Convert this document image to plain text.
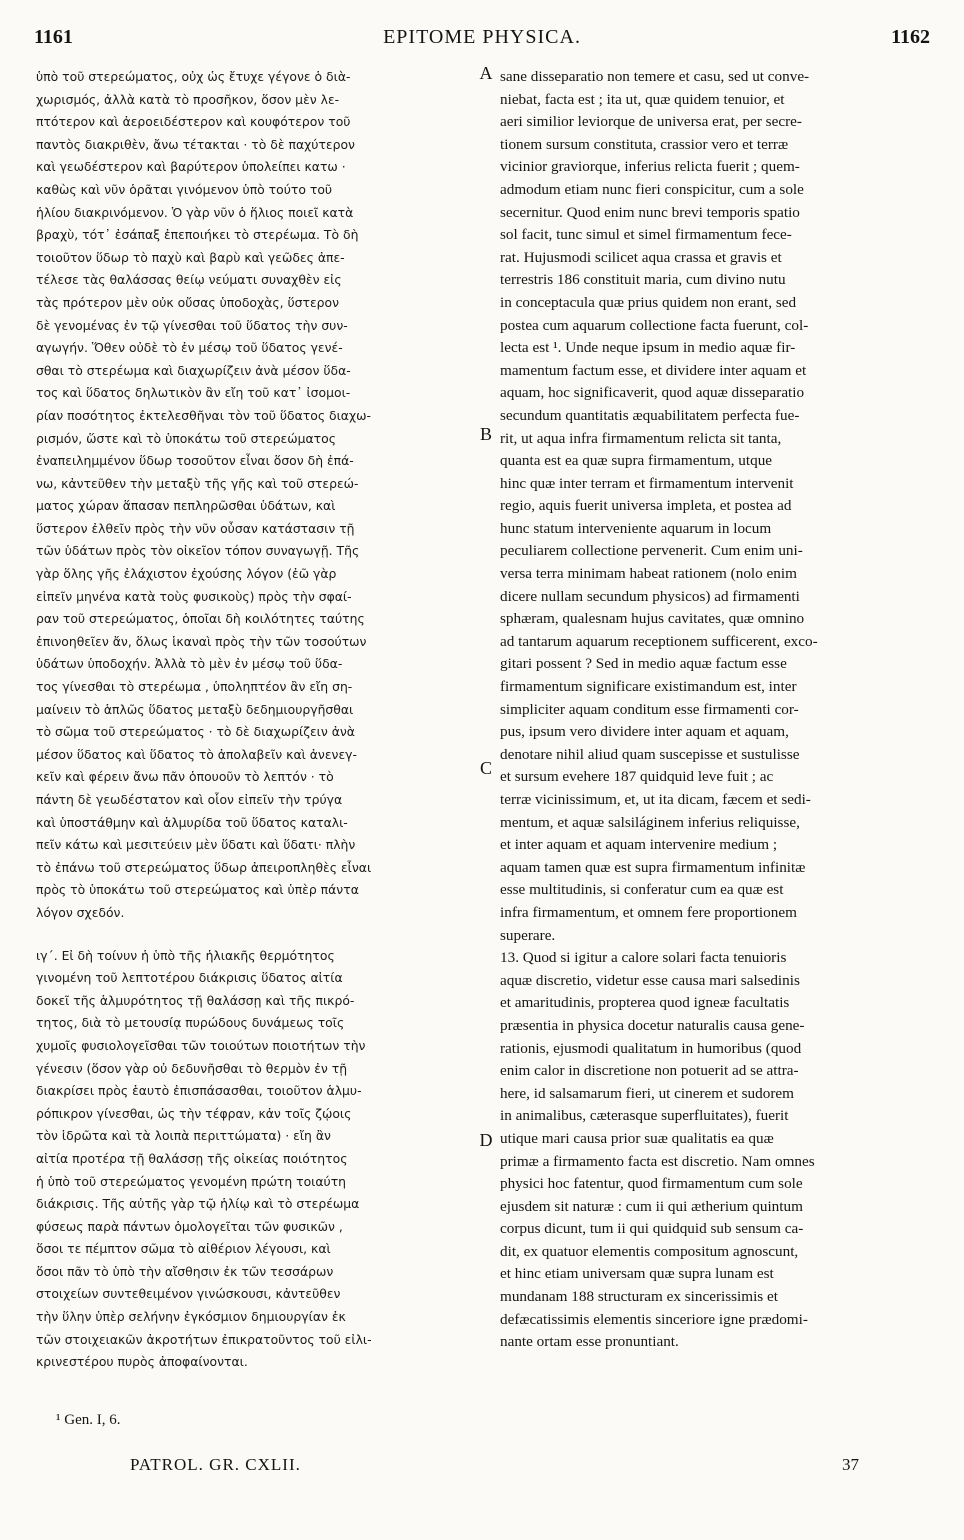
1161	EPITOME PHYSICA.	1162
ὑπὸ τοῦ στερεώματος, οὐχ ὡς ἔτυχε γέγονε ὁ διὰ-
χωρισμός, ἀλλὰ κατὰ τὸ προσῆκον, ὅσον μὲν λε-
πτότερον καὶ ἀεροειδέστερον καὶ κουφότερον τοῦ
παντὸς διακριθὲν, ἄνω τέτακται · τὸ δὲ παχύτερον
καὶ γεωδέστερον καὶ βαρύτερον ὑπολείπει κατω ·
καθὼς καὶ νῦν ὁρᾶται γινόμενον ὑπὸ τούτο τοῦ
ἡλίου διακρινόμενον. Ὁ γὰρ νῦν ὁ ἥλιος ποιεῖ κατὰ
βραχὺ, τότ᾽ ἐσάπαξ ἐπεποιήκει τὸ στερέωμα. Τὸ δὴ
τοιοῦτον ὕδωρ τὸ παχὺ καὶ βαρὺ καὶ γεῶδες ἀπε-
τέλεσε τὰς θαλάσσας θείῳ νεύματι συναχθὲν εἰς
τὰς πρότερον μὲν οὐκ οὔσας ὑποδοχὰς, ὕστερον
δὲ γενομένας ἐν τῷ γίνεσθαι τοῦ ὕδατος τὴν συν-
αγωγήν. Ὅθεν οὐδὲ τὸ ἐν μέσῳ τοῦ ὕδατος γενέ-
σθαι τὸ στερέωμα καὶ διαχωρίζειν ἀνὰ μέσον ὕδα-
τος καὶ ὕδατος δηλωτικὸν ἂν εἴη τοῦ κατ᾽ ἰσομοι-
ρίαν ποσότητος ἐκτελεσθῆναι τὸν τοῦ ὕδατος διαχω-
ρισμόν, ὥστε καὶ τὸ ὑποκάτω τοῦ στερεώματος
ἐναπειλημμένον ὕδωρ τοσοῦτον εἶναι ὅσον δὴ ἐπά-
νω, κἀντεῦθεν τὴν μεταξὺ τῆς γῆς καὶ τοῦ στερεώ-
ματος χώραν ἅπασαν πεπληρῶσθαι ὑδάτων, καὶ
ὕστερον ἐλθεῖν πρὸς τὴν νῦν οὖσαν κατάστασιν τῇ
τῶν ὑδάτων πρὸς τὸν οἰκεῖον τόπον συναγωγῇ. Τῆς
γὰρ ὅλης γῆς ἐλάχιστον ἐχούσης λόγον (ἐῶ γὰρ
εἰπεῖν μηνένα κατὰ τοὺς φυσικοὺς) πρὸς τὴν σφαί-
ραν τοῦ στερεώματος, ὁποῖαι δὴ κοιλότητες ταύτης
ἐπινοηθεῖεν ἄν, ὅλως ἱκαναὶ πρὸς τὴν τῶν τοσούτων
ὑδάτων ὑποδοχήν. Ἀλλὰ τὸ μὲν ἐν μέσῳ τοῦ ὕδα-
τος γίνεσθαι τὸ στερέωμα , ὑποληπτέον ἂν εἴη ση-
μαίνειν τὸ ἁπλῶς ὕδατος μεταξὺ δεδημιουργῆσθαι
τὸ σῶμα τοῦ στερεώματος · τὸ δὲ διαχωρίζειν ἀνὰ
μέσον ὕδατος καὶ ὕδατος τὸ ἀπολαβεῖν καὶ ἀνενεγ-
κεῖν καὶ φέρειν ἄνω πᾶν ὁπουοῦν τὸ λεπτόν · τὸ
πάντη δὲ γεωδέστατον καὶ οἷον εἰπεῖν τὴν τρύγα
καὶ ὑποστάθμην καὶ ἁλμυρίδα τοῦ ὕδατος καταλι-
πεῖν κάτω καὶ μεσιτεύειν μὲν ὕδατι καὶ ὕδατι· πλὴν
τὸ ἐπάνω τοῦ στερεώματος ὕδωρ ἀπειροπληθὲς εἶναι
πρὸς τὸ ὑποκάτω τοῦ στερεώματος καὶ ὑπὲρ πάντα
λόγον σχεδόν.
ιγ΄. Εἰ δὴ τοίνυν ἡ ὑπὸ τῆς ἡλιακῆς θερμότητος
γινομένη τοῦ λεπτοτέρου διάκρισις ὕδατος αἰτία
δοκεῖ τῆς ἁλμυρότητος τῇ θαλάσσῃ καὶ τῆς πικρό-
τητος, διὰ τὸ μετουσίᾳ πυρώδους δυνάμεως τοῖς
χυμοῖς φυσιολογεῖσθαι τῶν τοιούτων ποιοτήτων τὴν
γένεσιν (ὅσον γὰρ οὐ δεδυνῆσθαι τὸ θερμὸν ἐν τῇ
διακρίσει πρὸς ἑαυτὸ ἐπισπάσασθαι, τοιοῦτον ἁλμυ-
ρόπικρον γίνεσθαι, ὡς τὴν τέφραν, κἀν τοῖς ζῴοις
τὸν ἱδρῶτα καὶ τὰ λοιπὰ περιττώματα) · εἴη ἂν
αἰτία προτέρα τῇ θαλάσσῃ τῆς οἰκείας ποιότητος
ἡ ὑπὸ τοῦ στερεώματος γενομένη πρώτη τοιαύτη
διάκρισις. Τῆς αὐτῆς γὰρ τῷ ἡλίῳ καὶ τὸ στερέωμα
φύσεως παρὰ πάντων ὁμολογεῖται τῶν φυσικῶν ,
ὅσοι τε πέμπτον σῶμα τὸ αἰθέριον λέγουσι, καὶ
ὅσοι πᾶν τὸ ὑπὸ τὴν αἴσθησιν ἐκ τῶν τεσσάρων
στοιχείων συντεθειμένον γινώσκουσι, κἀντεῦθεν
τὴν ὕλην ὑπὲρ σελήνην ἐγκόσμιον δημιουργίαν ἐκ
τῶν στοιχειακῶν ἀκροτήτων ἐπικρατοῦντος τοῦ εἰλι-
κρινεστέρου πυρὸς ἀποφαίνονται.
sane disseparatio non temere et casu, sed ut conve-
niebat, facta est ; ita ut, quæ quidem tenuior, et
aeri similior leviorque de universa erat, per secre-
tionem sursum constituta, crassior vero et terræ
vicinior graviorque, inferius relicta fuerit ; quem-
admodum etiam nunc fieri conspicitur, cum a sole
secernitur. Quod enim nunc brevi temporis spatio
sol facit, tunc simul et simel firmamentum fece-
rat. Hujusmodi scilicet aqua crassa et gravis et
terrestris 186 constituit maria, cum divino nutu
in conceptacula quæ prius quidem non erant, sed
postea cum aquarum collectione facta fuerunt, col-
lecta est ¹. Unde neque ipsum in medio aquæ fir-
mamentum factum esse, et dividere inter aquam et
aquam, hoc significaverit, quod aquæ disseparatio
secundum quantitatis æquabilitatem perfecta fue-
rit, ut aqua infra firmamentum relicta sit tanta,
quanta est ea quæ supra firmamentum, utque
hinc quæ inter terram et firmamentum intervenit
regio, aquis fuerit universa impleta, et postea ad
hunc statum intervenientе aquarum in locum
peculiarem collectione pervenerit. Cum enim uni-
versa terra minimam habeat rationem (nolo enim
dicere nullam secundum physicos) ad firmamenti
sphæram, qualesnam hujus cavitates, quæ omnino
ad tantarum aquarum receptionem sufficerent, exco-
gitari possent ? Sed in medio aquæ factum esse
firmamentum significare existimandum est, inter
simpliciter aquam conditum esse firmamenti cor-
pus, ipsum vero dividere inter aquam et aquam,
denotare nihil aliud quam suscepisse et sustulisse
et sursum evehere 187 quidquid leve fuit ; ac
terræ vicinissimum, et, ut ita dicam, fæcem et sedi-
mentum, et aquæ salsiláginem inferius reliquisse,
et inter aquam et aquam intervenire medium ;
aquam tamen quæ est supra firmamentum infinitæ
esse multitudinis, si conferatur cum ea quæ est
infra firmamentum, et omnem fere proportionem
superare.
13. Quod si igitur a calore solari facta tenuioris
aquæ discretio, videtur esse causa mari salsedinis
et amaritudinis, propterea quod igneæ facultatis
præsentia in physica docetur naturalis causa gene-
rationis, ejusmodi qualitatum in humoribus (quod
enim calor in discretione non potuerit ad se attra-
here, id salsamarum fieri, ut cinerem et sudorem
in animalibus, cæterasque superfluitates), fuerit
utique mari causa prior suæ qualitatis ea quæ
primæ a firmamento facta est discretio. Nam omnes
physici hoc fatentur, quod firmamentum cum sole
ejusdem sit naturæ : cum ii qui ætherium quintum
corpus dicunt, tum ii qui quidquid sub sensum ca-
dit, ex quatuor elementis compositum agnoscunt,
et hinc etiam universam quæ supra lunam est
mundanam 188 structuram ex sincerissimis et
defæcatissimis elementis sinceriore igne prædomi-
nante ortam esse pronuntiant.
A
B
C
D
¹ Gen. I, 6.
PATROL. GR. CXLII.	37
